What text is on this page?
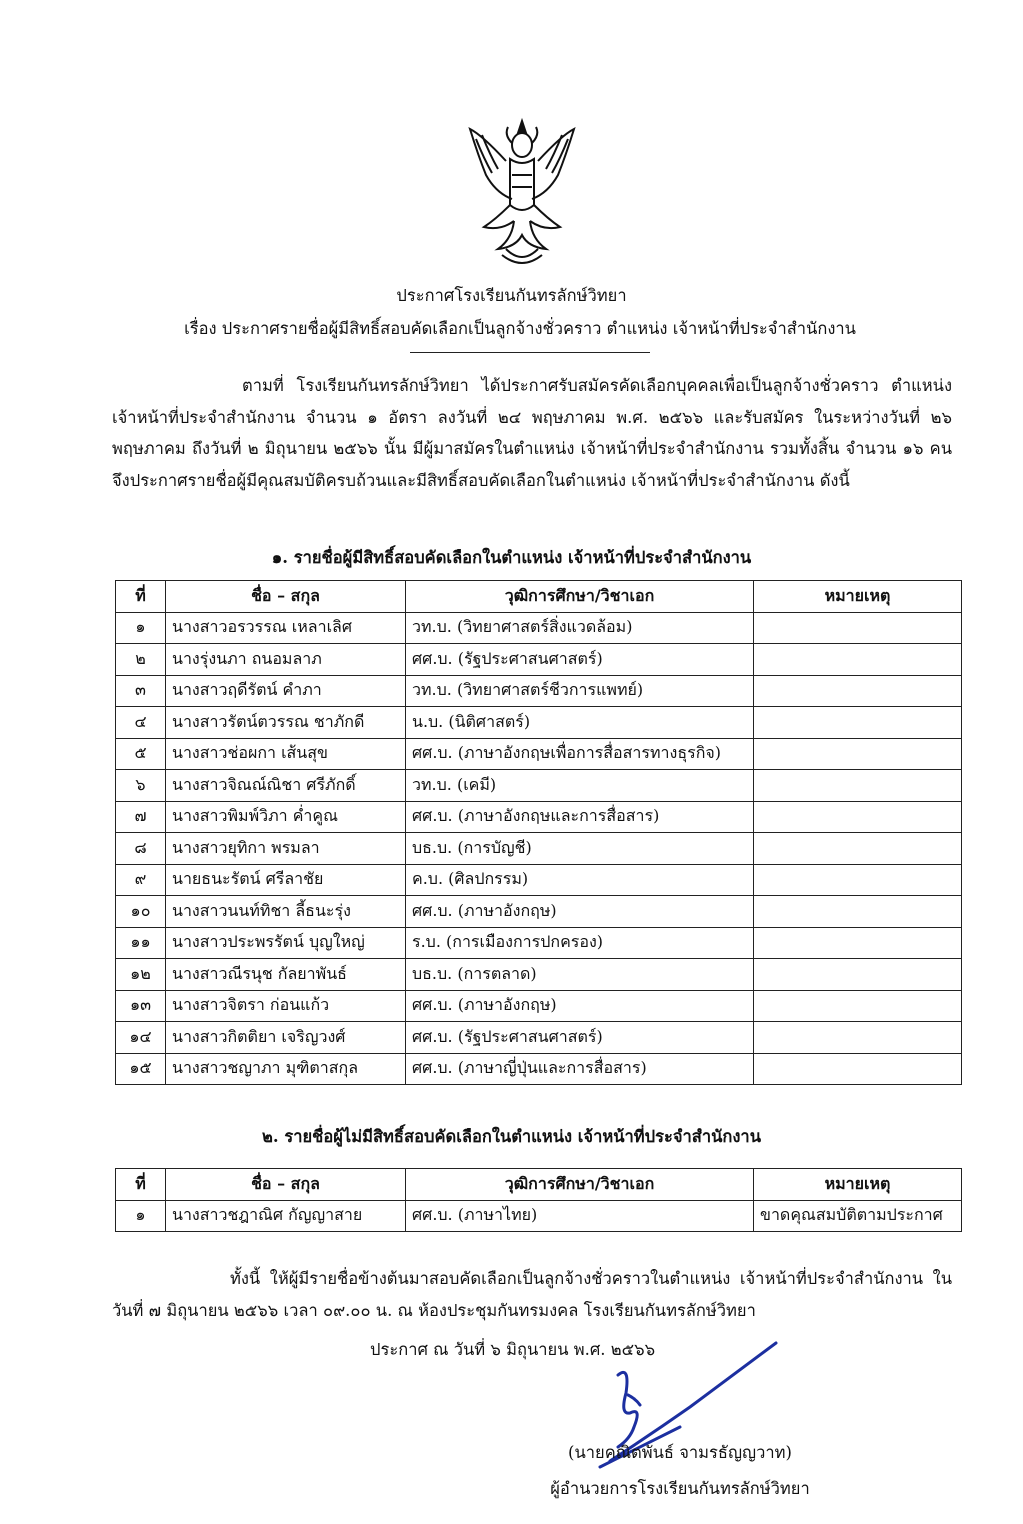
ประกาศโรงเรียนกันทรลักษ์วิทยา
เรื่อง ประกาศรายชื่อผู้มีสิทธิ์สอบคัดเลือกเป็นลูกจ้างชั่วคราว ตำแหน่ง เจ้าหน้าที่ประจำสำนักงาน
ตามที่ โรงเรียนกันทรลักษ์วิทยา ได้ประกาศรับสมัครคัดเลือกบุคคลเพื่อเป็นลูกจ้างชั่วคราว ตำแหน่ง เจ้าหน้าที่ประจำสำนักงาน จำนวน ๑ อัตรา ลงวันที่ ๒๔ พฤษภาคม พ.ศ. ๒๕๖๖ และรับสมัคร ในระหว่างวันที่ ๒๖ พฤษภาคม ถึงวันที่ ๒ มิถุนายน ๒๕๖๖ นั้น มีผู้มาสมัครในตำแหน่ง เจ้าหน้าที่ประจำสำนักงาน รวมทั้งสิ้น จำนวน ๑๖ คน จึงประกาศรายชื่อผู้มีคุณสมบัติครบถ้วนและมีสิทธิ์สอบคัดเลือกในตำแหน่ง เจ้าหน้าที่ประจำสำนักงาน ดังนี้
๑. รายชื่อผู้มีสิทธิ์สอบคัดเลือกในตำแหน่ง เจ้าหน้าที่ประจำสำนักงาน
ที่	ชื่อ – สกุล	วุฒิการศึกษา/วิชาเอก	หมายเหตุ
๑	นางสาวอรวรรณ เหลาเลิศ	วท.บ. (วิทยาศาสตร์สิ่งแวดล้อม)	
๒	นางรุ่งนภา ถนอมลาภ	ศศ.บ. (รัฐประศาสนศาสตร์)	
๓	นางสาวฤดีรัตน์ คำภา	วท.บ. (วิทยาศาสตร์ชีวการแพทย์)	
๔	นางสาวรัตน์ตวรรณ ชาภักดี	น.บ. (นิติศาสตร์)	
๕	นางสาวช่อผกา เส้นสุข	ศศ.บ. (ภาษาอังกฤษเพื่อการสื่อสารทางธุรกิจ)	
๖	นางสาวจิณณ์ณิชา ศรีภักดิ์	วท.บ. (เคมี)	
๗	นางสาวพิมพ์วิภา ค่ำคูณ	ศศ.บ. (ภาษาอังกฤษและการสื่อสาร)	
๘	นางสาวยุทิกา พรมลา	บธ.บ. (การบัญชี)	
๙	นายธนะรัตน์ ศรีลาชัย	ค.บ. (ศิลปกรรม)	
๑๐	นางสาวนนท์ทิชา ลี้ธนะรุ่ง	ศศ.บ. (ภาษาอังกฤษ)	
๑๑	นางสาวประพรรัตน์ บุญใหญ่	ร.บ. (การเมืองการปกครอง)	
๑๒	นางสาวณีรนุช กัลยาพันธ์	บธ.บ. (การตลาด)	
๑๓	นางสาวจิตรา ก่อนแก้ว	ศศ.บ. (ภาษาอังกฤษ)	
๑๔	นางสาวกิตติยา เจริญวงศ์	ศศ.บ. (รัฐประศาสนศาสตร์)	
๑๕	นางสาวชญาภา มุฑิตาสกุล	ศศ.บ. (ภาษาญี่ปุ่นและการสื่อสาร)	
๒. รายชื่อผู้ไม่มีสิทธิ์สอบคัดเลือกในตำแหน่ง เจ้าหน้าที่ประจำสำนักงาน
ที่	ชื่อ – สกุล	วุฒิการศึกษา/วิชาเอก	หมายเหตุ
๑	นางสาวชฎาณิศ กัญญาสาย	ศศ.บ. (ภาษาไทย)	ขาดคุณสมบัติตามประกาศ
ทั้งนี้ ให้ผู้มีรายชื่อข้างต้นมาสอบคัดเลือกเป็นลูกจ้างชั่วคราวในตำแหน่ง เจ้าหน้าที่ประจำสำนักงาน ในวันที่ ๗ มิถุนายน ๒๕๖๖ เวลา ๐๙.๐๐ น. ณ ห้องประชุมกันทรมงคล โรงเรียนกันทรลักษ์วิทยา
ประกาศ ณ วันที่ ๖ มิถุนายน พ.ศ. ๒๕๖๖
(นายคณิตพันธ์ จามรธัญญวาท)
ผู้อำนวยการโรงเรียนกันทรลักษ์วิทยา
